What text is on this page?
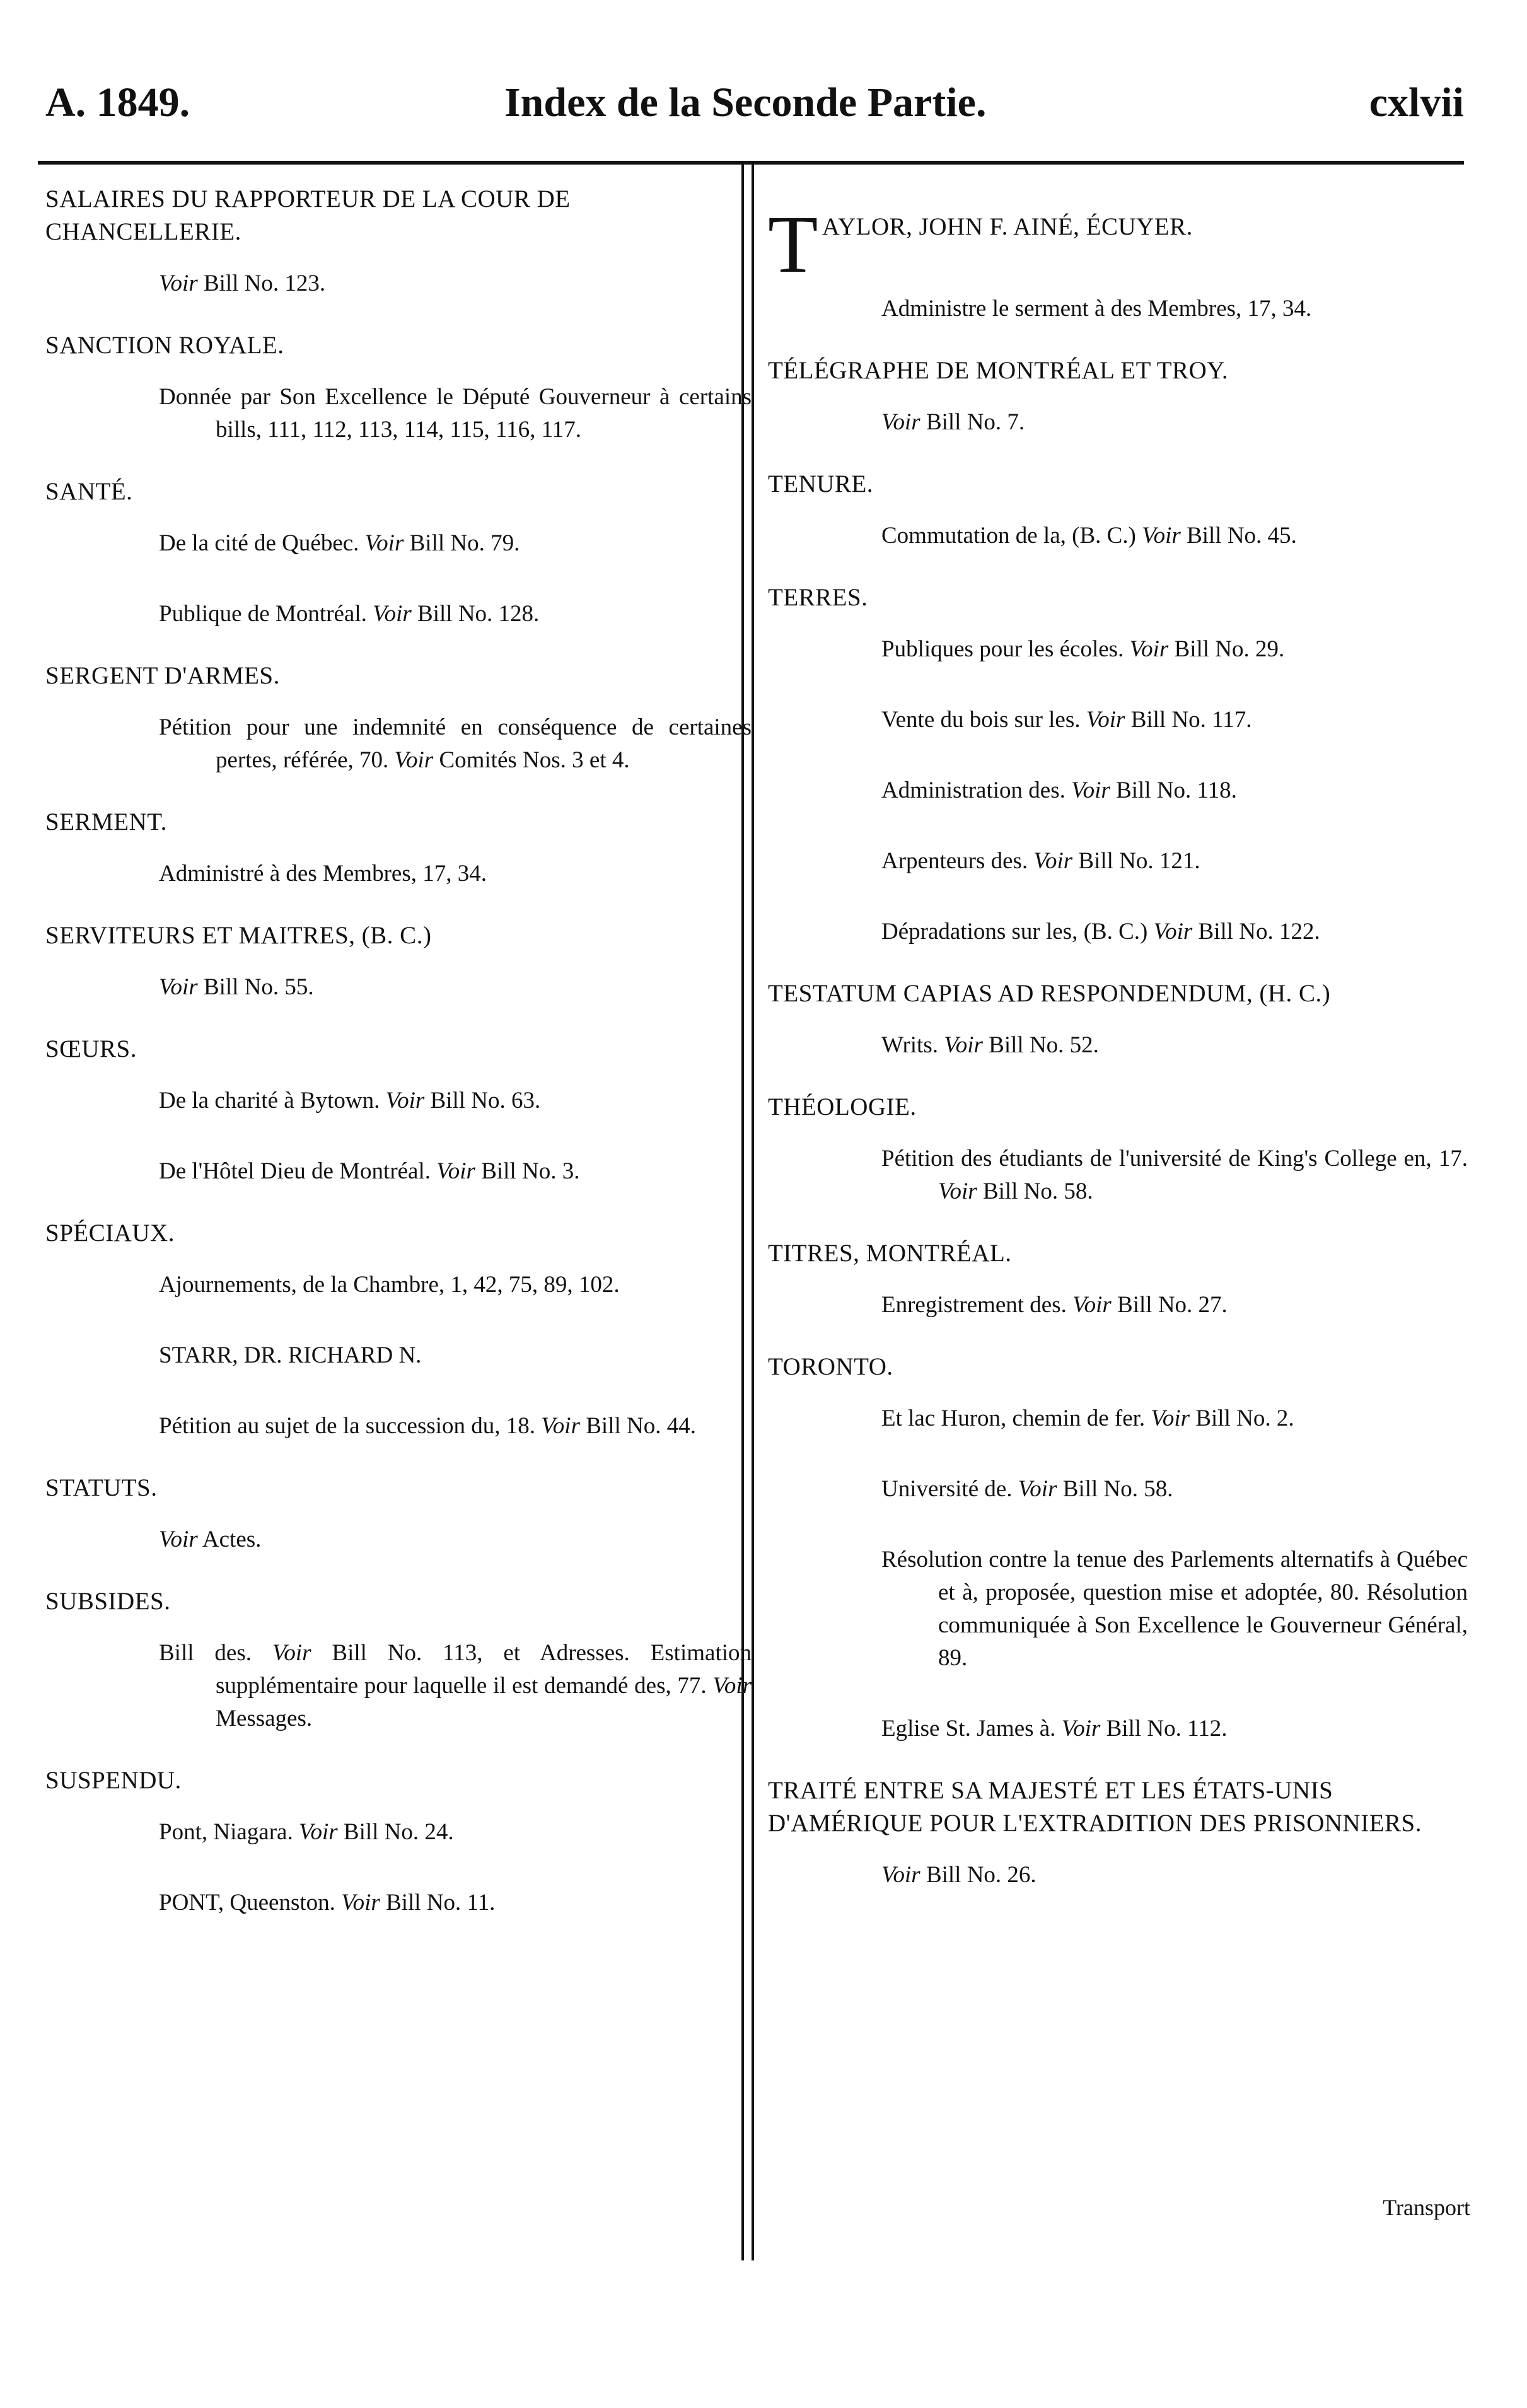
A. 1849.	Index de la Seconde Partie.	cxlvii
SALAIRES DU RAPPORTEUR DE LA COUR DE CHANCELLERIE.
Voir Bill No. 123.
SANCTION ROYALE.
Donnée par Son Excellence le Député Gouverneur à certains bills, 111, 112, 113, 114, 115, 116, 117.
SANTÉ.
De la cité de Québec. Voir Bill No. 79.
Publique de Montréal. Voir Bill No. 128.
SERGENT D'ARMES.
Pétition pour une indemnité en conséquence de certaines pertes, référée, 70. Voir Comités Nos. 3 et 4.
SERMENT.
Administré à des Membres, 17, 34.
SERVITEURS ET MAITRES, (B. C.)
Voir Bill No. 55.
SŒURS.
De la charité à Bytown. Voir Bill No. 63.
De l'Hôtel Dieu de Montréal. Voir Bill No. 3.
SPÉCIAUX.
Ajournements, de la Chambre, 1, 42, 75, 89, 102.
STARR, DR. RICHARD N.
Pétition au sujet de la succession du, 18. Voir Bill No. 44.
STATUTS.
Voir Actes.
SUBSIDES.
Bill des. Voir Bill No. 113, et Adresses. Estimation supplémentaire pour laquelle il est demandé des, 77. Voir Messages.
SUSPENDU.
Pont, Niagara. Voir Bill No. 24.
PONT, Queenston. Voir Bill No. 11.
TAYLOR, JOHN F. AINÉ, ÉCUYER.
Administre le serment à des Membres, 17, 34.
TÉLÉGRAPHE DE MONTRÉAL ET TROY.
Voir Bill No. 7.
TENURE.
Commutation de la, (B. C.) Voir Bill No. 45.
TERRES.
Publiques pour les écoles. Voir Bill No. 29.
Vente du bois sur les. Voir Bill No. 117.
Administration des. Voir Bill No. 118.
Arpenteurs des. Voir Bill No. 121.
Dépradations sur les, (B. C.) Voir Bill No. 122.
TESTATUM CAPIAS AD RESPONDENDUM, (H. C.)
Writs. Voir Bill No. 52.
THÉOLOGIE.
Pétition des étudiants de l'université de King's College en, 17. Voir Bill No. 58.
TITRES, MONTRÉAL.
Enregistrement des. Voir Bill No. 27.
TORONTO.
Et lac Huron, chemin de fer. Voir Bill No. 2.
Université de. Voir Bill No. 58.
Résolution contre la tenue des Parlements alternatifs à Québec et à, proposée, question mise et adoptée, 80. Résolution communiquée à Son Excellence le Gouverneur Général, 89.
Eglise St. James à. Voir Bill No. 112.
TRAITÉ ENTRE SA MAJESTÉ ET LES ÉTATS-UNIS D'AMÉRIQUE POUR L'EXTRADITION DES PRISONNIERS.
Voir Bill No. 26.
Transport
